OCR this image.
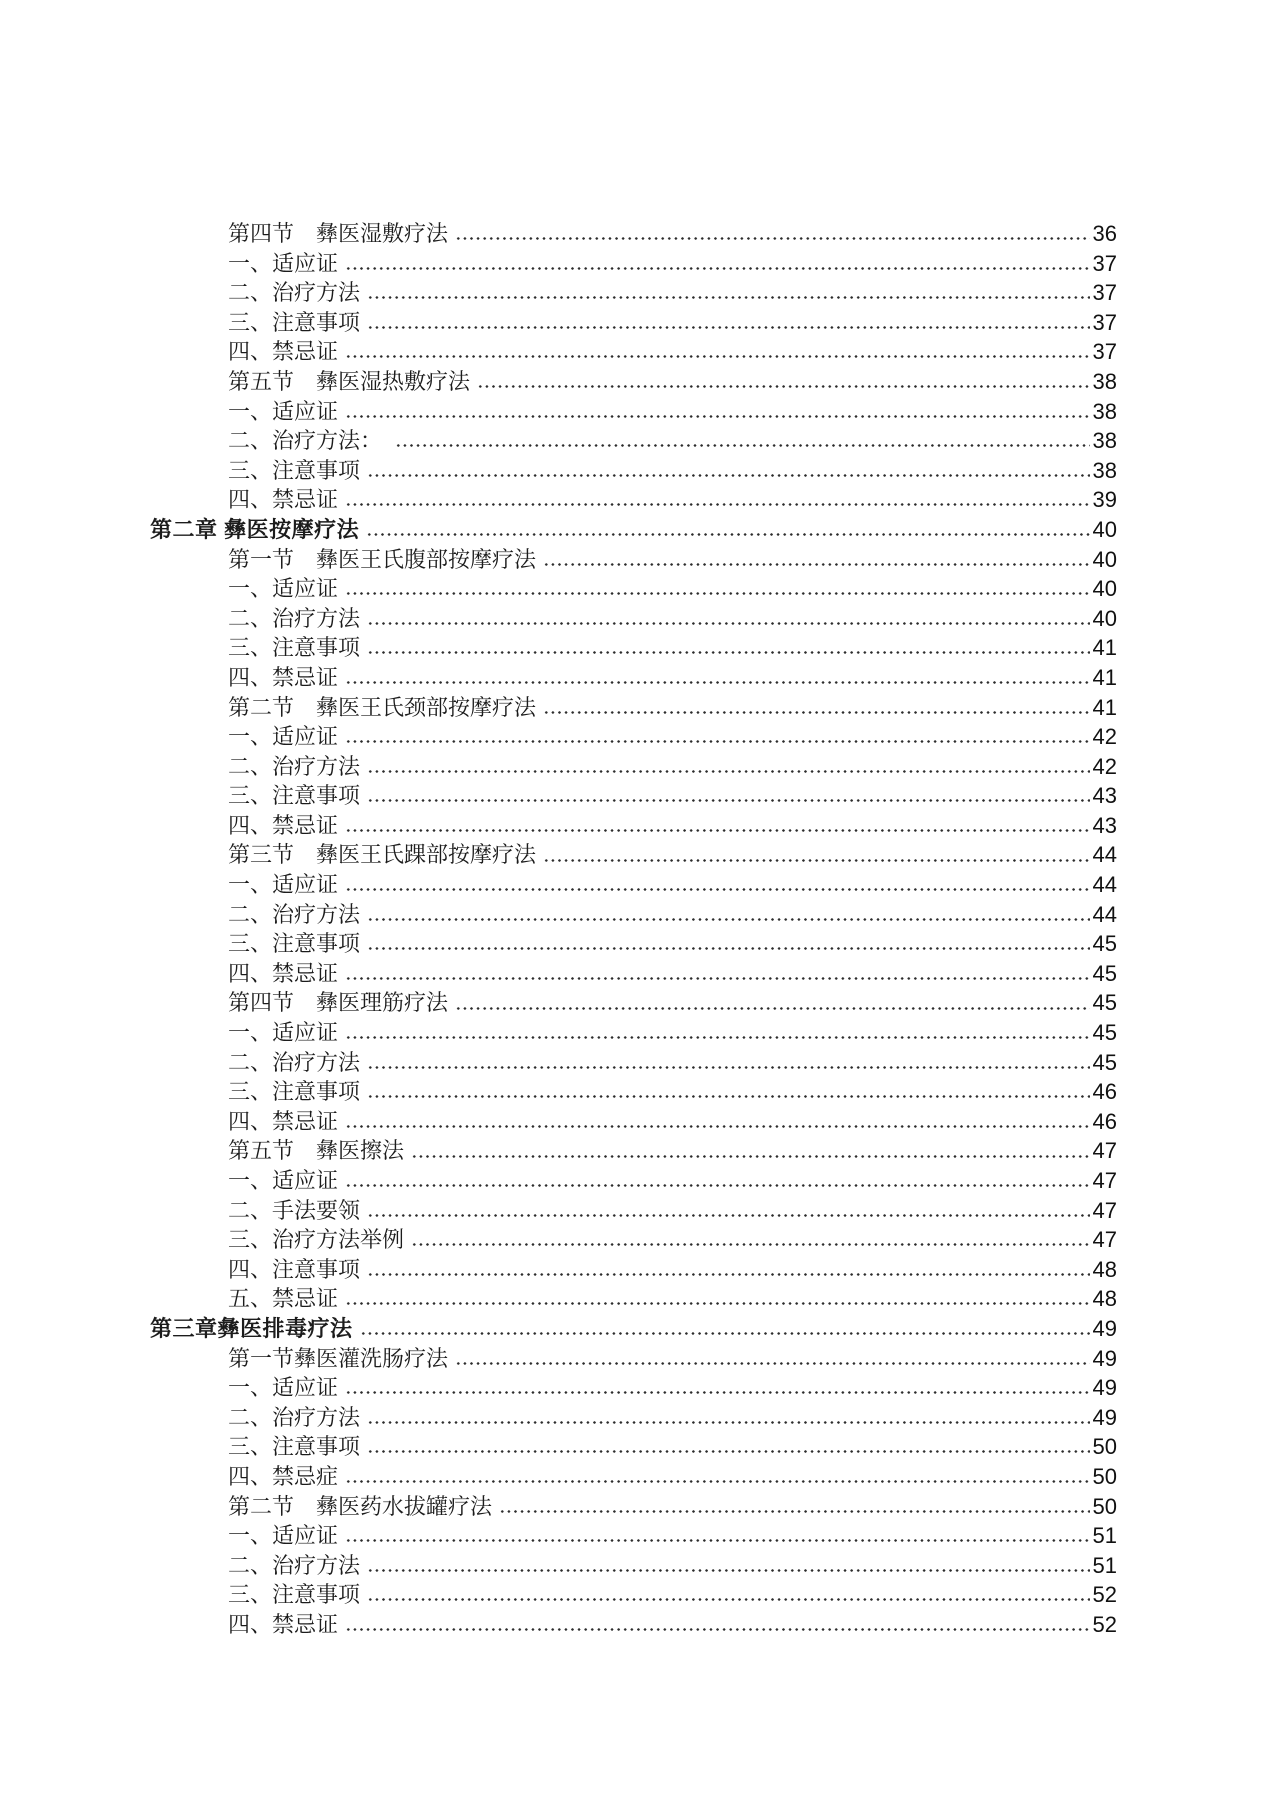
第四节　彝医湿敷疗法	36
一、适应证	37
二、治疗方法	37
三、注意事项	37
四、禁忌证	37
第五节　彝医湿热敷疗法	38
一、适应证	38
二、治疗方法：	38
三、注意事项	38
四、禁忌证	39
第二章 彝医按摩疗法	40
第一节　彝医王氏腹部按摩疗法	40
一、适应证	40
二、治疗方法	40
三、注意事项	41
四、禁忌证	41
第二节　彝医王氏颈部按摩疗法	41
一、适应证	42
二、治疗方法	42
三、注意事项	43
四、禁忌证	43
第三节　彝医王氏踝部按摩疗法	44
一、适应证	44
二、治疗方法	44
三、注意事项	45
四、禁忌证	45
第四节　彝医理筋疗法	45
一、适应证	45
二、治疗方法	45
三、注意事项	46
四、禁忌证	46
第五节　彝医擦法	47
一、适应证	47
二、手法要领	47
三、治疗方法举例	47
四、注意事项	48
五、禁忌证	48
第三章彝医排毒疗法	49
第一节彝医灌洗肠疗法	49
一、适应证	49
二、治疗方法	49
三、注意事项	50
四、禁忌症	50
第二节　彝医药水拔罐疗法	50
一、适应证	51
二、治疗方法	51
三、注意事项	52
四、禁忌证	52
